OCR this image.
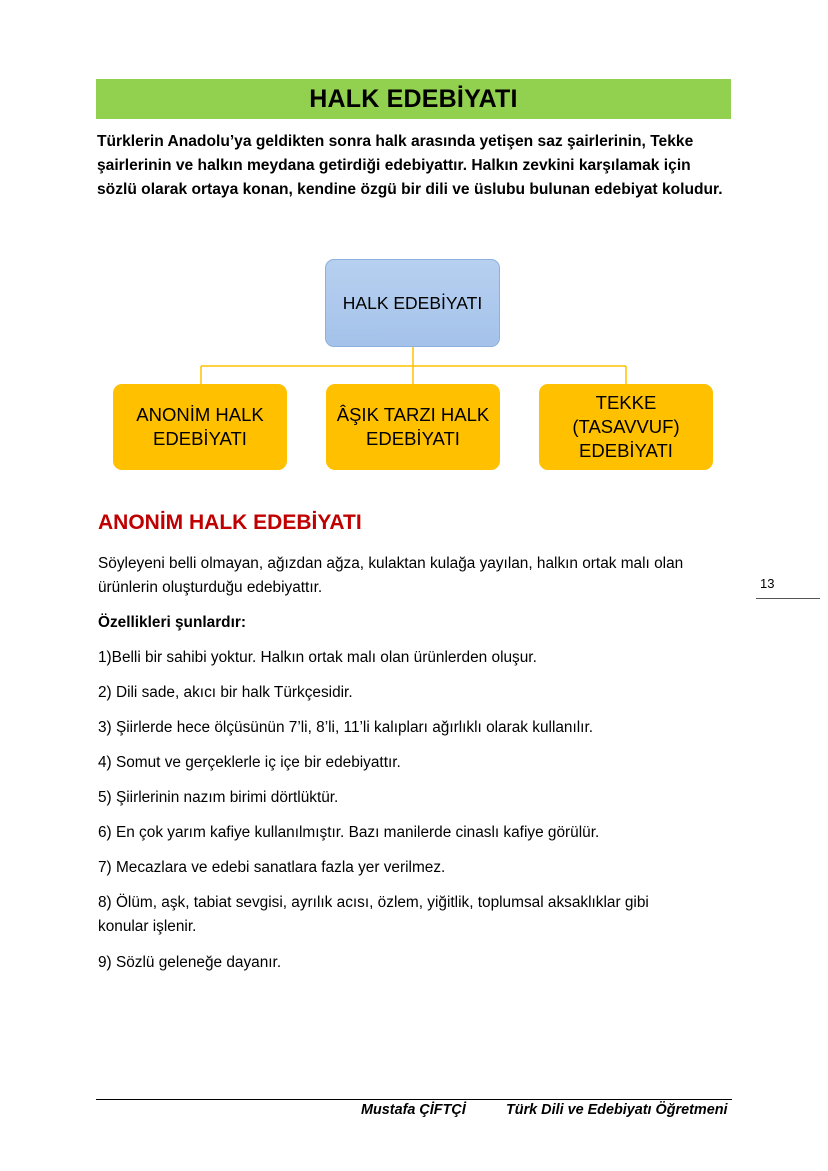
HALK EDEBİYATI

Türklerin Anadolu’ya geldikten sonra halk arasında yetişen saz şairlerinin, Tekke şairlerinin ve halkın meydana getirdiği edebiyattır. Halkın zevkini karşılamak için sözlü olarak ortaya konan, kendine özgü bir dili ve üslubu bulunan edebiyat koludur.

HALK EDEBİYATI
ANONİM HALK
EDEBİYATI
ÂŞIK TARZI HALK
EDEBİYATI
TEKKE
(TASAVVUF)
EDEBİYATI
ANONİM HALK EDEBİYATI

Söyleyeni belli olmayan, ağızdan ağza, kulaktan kulağa yayılan, halkın ortak malı olan ürünlerin oluşturduğu edebiyattır.

Özellikleri şunlardır:

1)Belli bir sahibi yoktur. Halkın ortak malı olan ürünlerden oluşur.

2) Dili sade, akıcı bir halk Türkçesidir.

3) Şiirlerde hece ölçüsünün 7’li, 8’li, 11’li kalıpları ağırlıklı olarak kullanılır.

4) Somut ve gerçeklerle iç içe bir edebiyattır.

5) Şiirlerinin nazım birimi dörtlüktür.

6) En çok yarım kafiye kullanılmıştır. Bazı manilerde cinaslı kafiye görülür.

7) Mecazlara ve edebi sanatlara fazla yer verilmez.

8) Ölüm, aşk, tabiat sevgisi, ayrılık acısı, özlem, yiğitlik, toplumsal aksaklıklar gibi konular işlenir.

9) Sözlü geleneğe dayanır.

13
Mustafa ÇİFTÇİ	Türk Dili ve Edebiyatı Öğretmeni
